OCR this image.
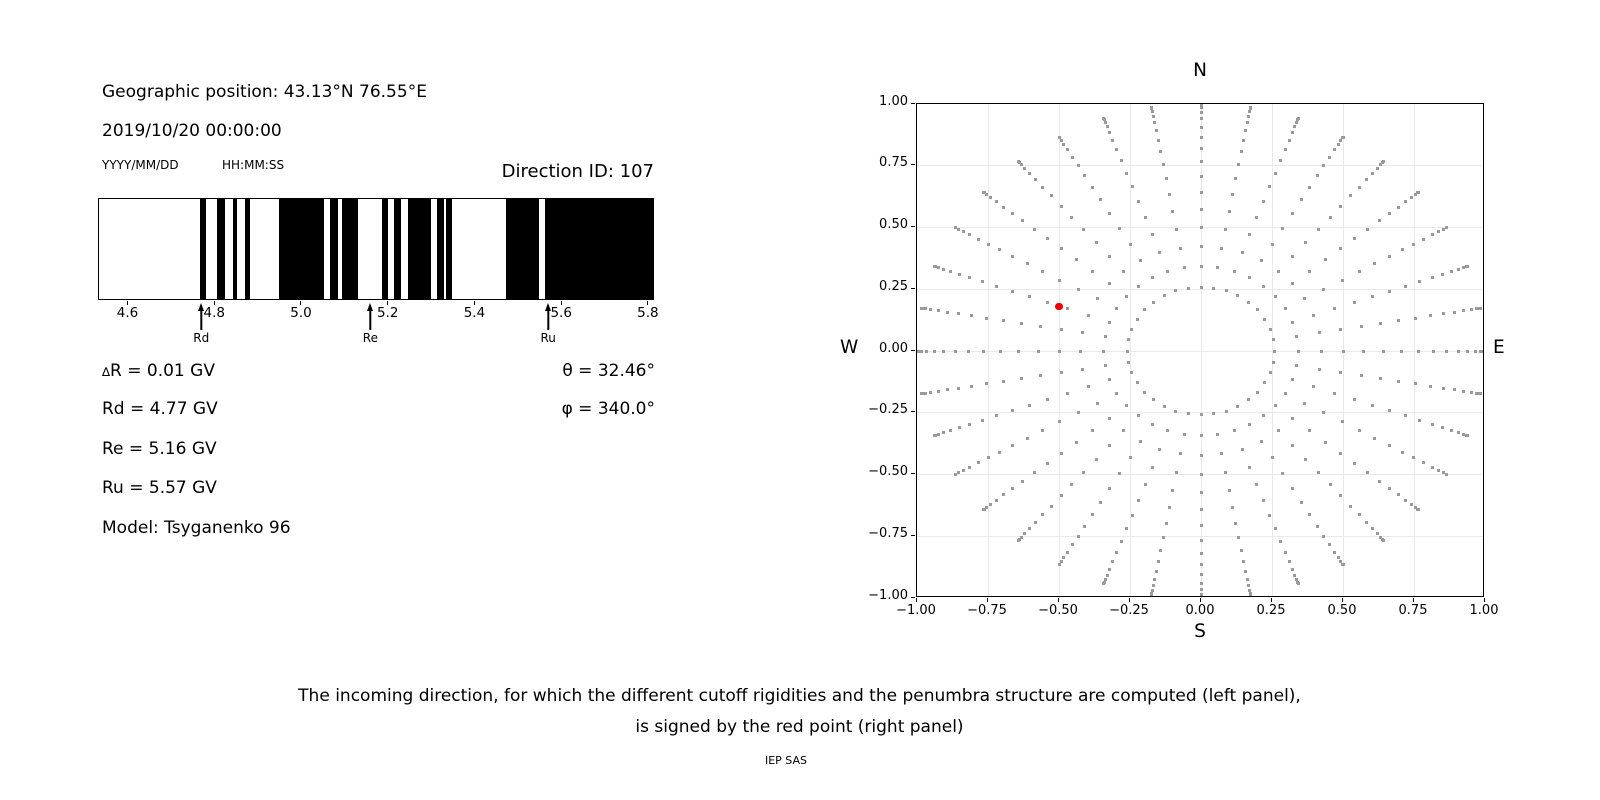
Geographic position: 43.13°N 76.55°E
2019/10/20 00:00:00
YYYY/MM/DD	HH:MM:SS	Direction ID: 107
4.6	4.8	5.0	5.2	5.4	5.6	5.8
Rd	Re	Ru
∆R = 0.01 GV
Rd = 4.77 GV
Re = 5.16 GV
Ru = 5.57 GV
Model: Tsyganenko 96
θ = 32.46°
φ = 340.0°
N
S
W	E
−1.00
−1.00
−0.75
−0.75
−0.50
−0.50
−0.25
−0.25
0.00
0.00
0.25
0.25
0.50
0.50
0.75
0.75
1.00
1.00
The incoming direction, for which the different cutoff rigidities and the penumbra structure are computed (left panel),
is signed by the red point (right panel)
IEP SAS
